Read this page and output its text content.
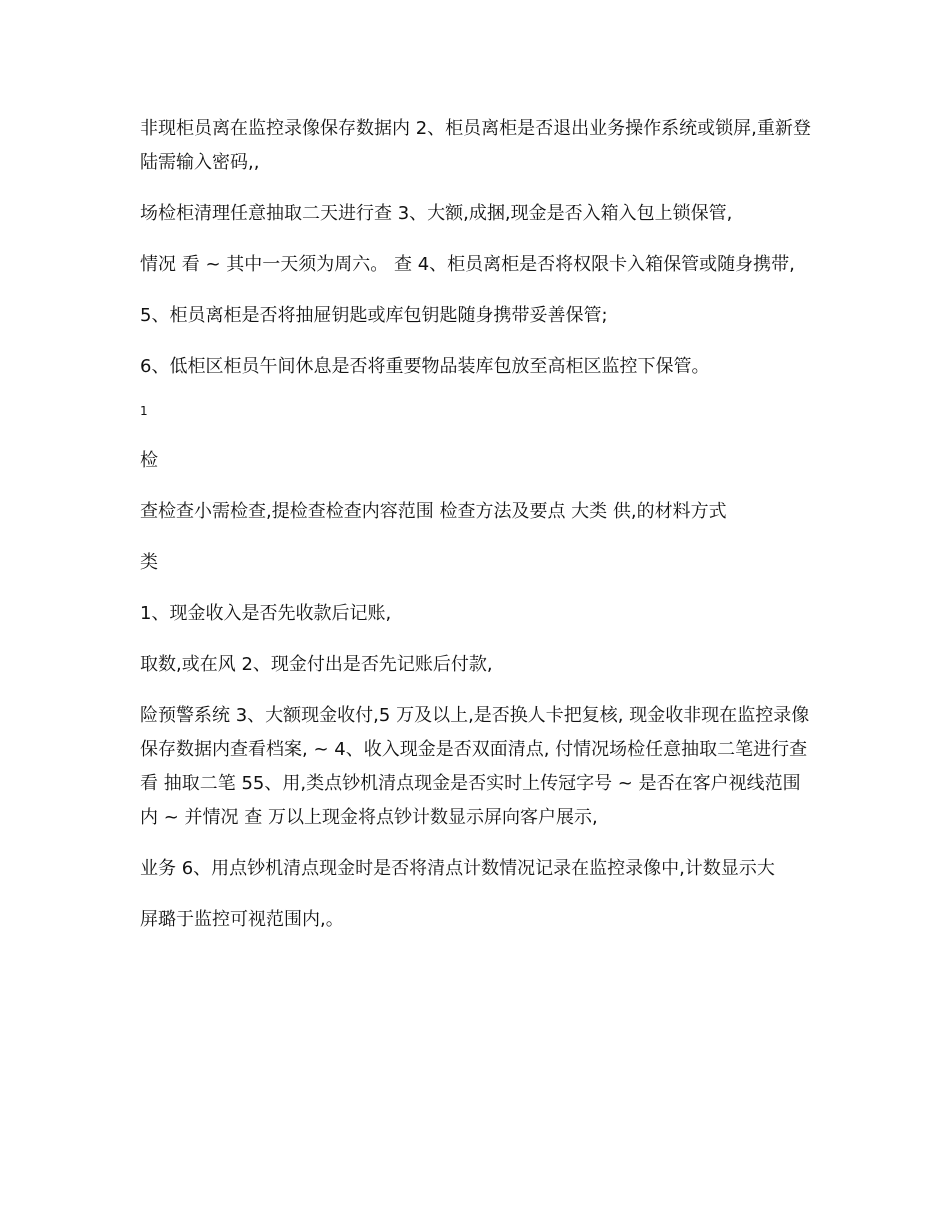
非现柜员离在监控录像保存数据内 2、柜员离柜是否退出业务操作系统或锁屏,重新登陆需输入密码,,

场检柜清理任意抽取二天进行查 3、大额,成捆,现金是否入箱入包上锁保管,

情况 看 ~ 其中一天须为周六。 查 4、柜员离柜是否将权限卡入箱保管或随身携带,

5、柜员离柜是否将抽屉钥匙或库包钥匙随身携带妥善保管;

6、低柜区柜员午间休息是否将重要物品装库包放至高柜区监控下保管。

1

检

查检查小需检查,提检查检查内容范围 检查方法及要点 大类 供,的材料方式

类

1、现金收入是否先收款后记账,

取数,或在风 2、现金付出是否先记账后付款,

险预警系统 3、大额现金收付,5 万及以上,是否换人卡把复核, 现金收非现在监控录像保存数据内查看档案, ~ 4、收入现金是否双面清点, 付情况场检任意抽取二笔进行查看 抽取二笔 55、用,类点钞机清点现金是否实时上传冠字号 ~ 是否在客户视线范围内 ~ 并情况 查 万以上现金将点钞计数显示屏向客户展示,

业务 6、用点钞机清点现金时是否将清点计数情况记录在监控录像中,计数显示大

屏璐于监控可视范围内,。
